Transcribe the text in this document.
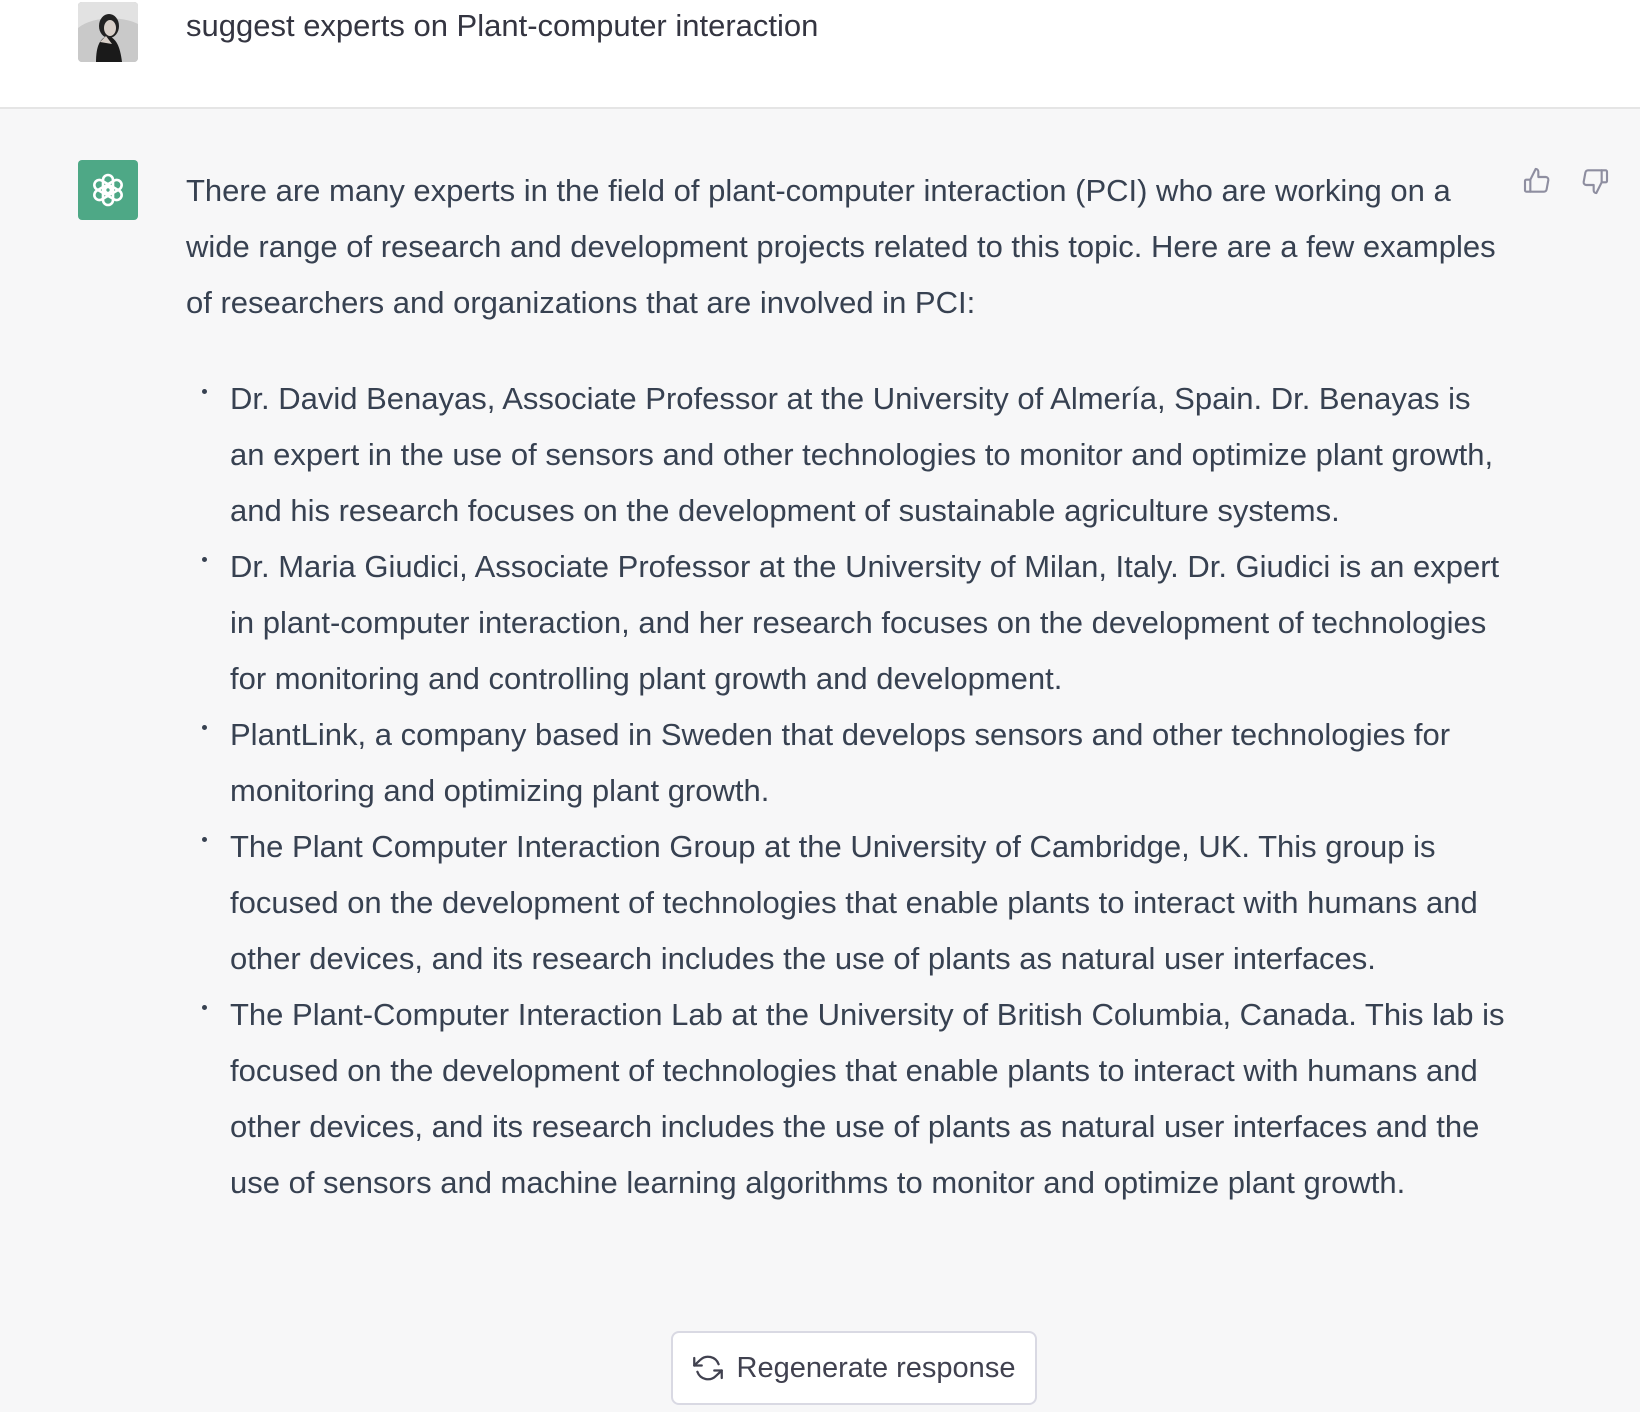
suggest experts on Plant-computer interaction

There are many experts in the field of plant-computer interaction (PCI) who are working on a wide range of research and development projects related to this topic. Here are a few examples of researchers and organizations that are involved in PCI:

Dr. David Benayas, Associate Professor at the University of Almería, Spain. Dr. Benayas is an expert in the use of sensors and other technologies to monitor and optimize plant growth, and his research focuses on the development of sustainable agriculture systems.
Dr. Maria Giudici, Associate Professor at the University of Milan, Italy. Dr. Giudici is an expert in plant-computer interaction, and her research focuses on the development of technologies for monitoring and controlling plant growth and development.
PlantLink, a company based in Sweden that develops sensors and other technologies for monitoring and optimizing plant growth.
The Plant Computer Interaction Group at the University of Cambridge, UK. This group is focused on the development of technologies that enable plants to interact with humans and other devices, and its research includes the use of plants as natural user interfaces.
The Plant-Computer Interaction Lab at the University of British Columbia, Canada. This lab is focused on the development of technologies that enable plants to interact with humans and other devices, and its research includes the use of plants as natural user interfaces and the use of sensors and machine learning algorithms to monitor and optimize plant growth.
Regenerate response
